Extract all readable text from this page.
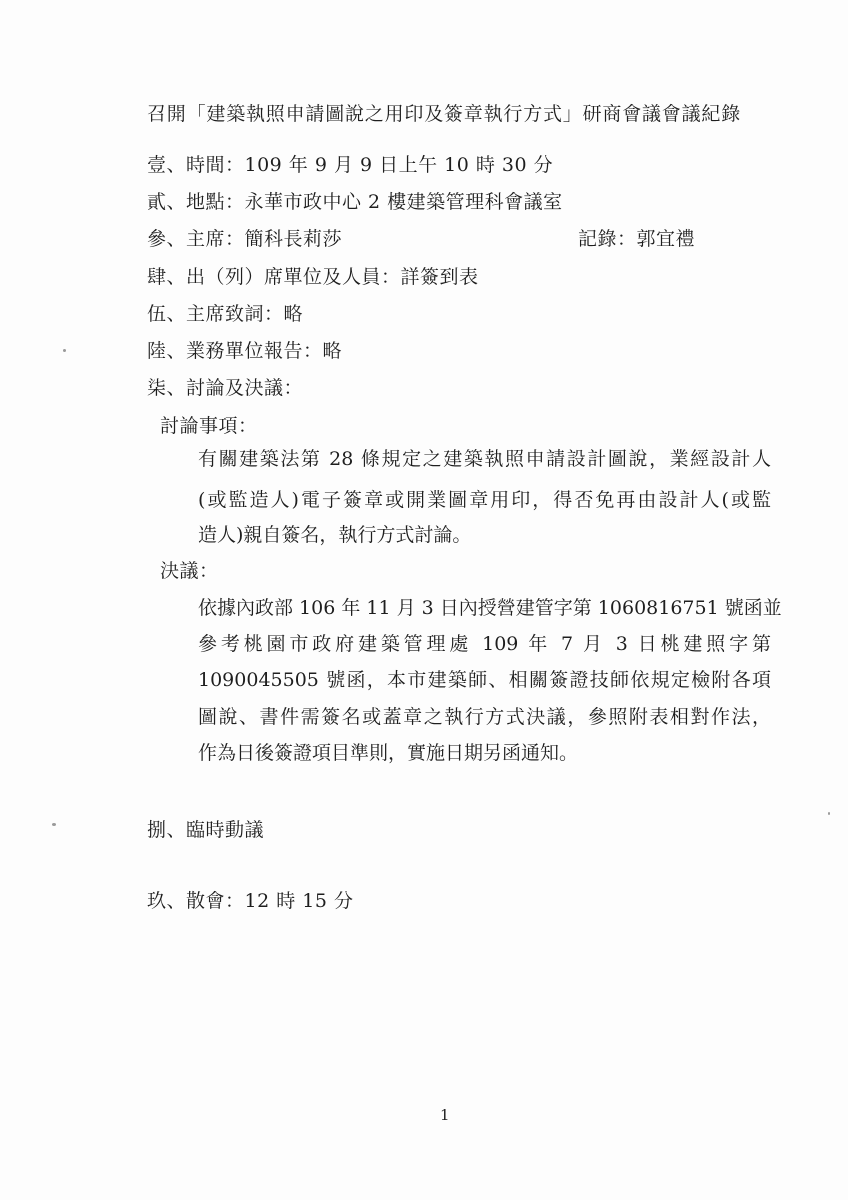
召開「建築執照申請圖說之用印及簽章執行方式」研商會議會議紀錄
壹、時間：109 年 9 月 9 日上午 10 時 30 分
貳、地點：永華市政中心 2 樓建築管理科會議室
參、主席：簡科長莉莎	記錄：郭宜禮
肆、出（列）席單位及人員：詳簽到表
伍、主席致詞：略
陸、業務單位報告：略
柒、討論及決議：
討論事項：
有關建築法第 28 條規定之建築執照申請設計圖說，業經設計人
(或監造人)電子簽章或開業圖章用印，得否免再由設計人(或監
造人)親自簽名，執行方式討論。
決議：
依據內政部 106 年 11 月 3 日內授營建管字第 1060816751 號函並
參考桃園市政府建築管理處 109 年 7 月 3 日桃建照字第
1090045505 號函，本市建築師、相關簽證技師依規定檢附各項
圖說、書件需簽名或蓋章之執行方式決議，參照附表相對作法，
作為日後簽證項目準則，實施日期另函通知。
捌、臨時動議
玖、散會：12 時 15 分
1
